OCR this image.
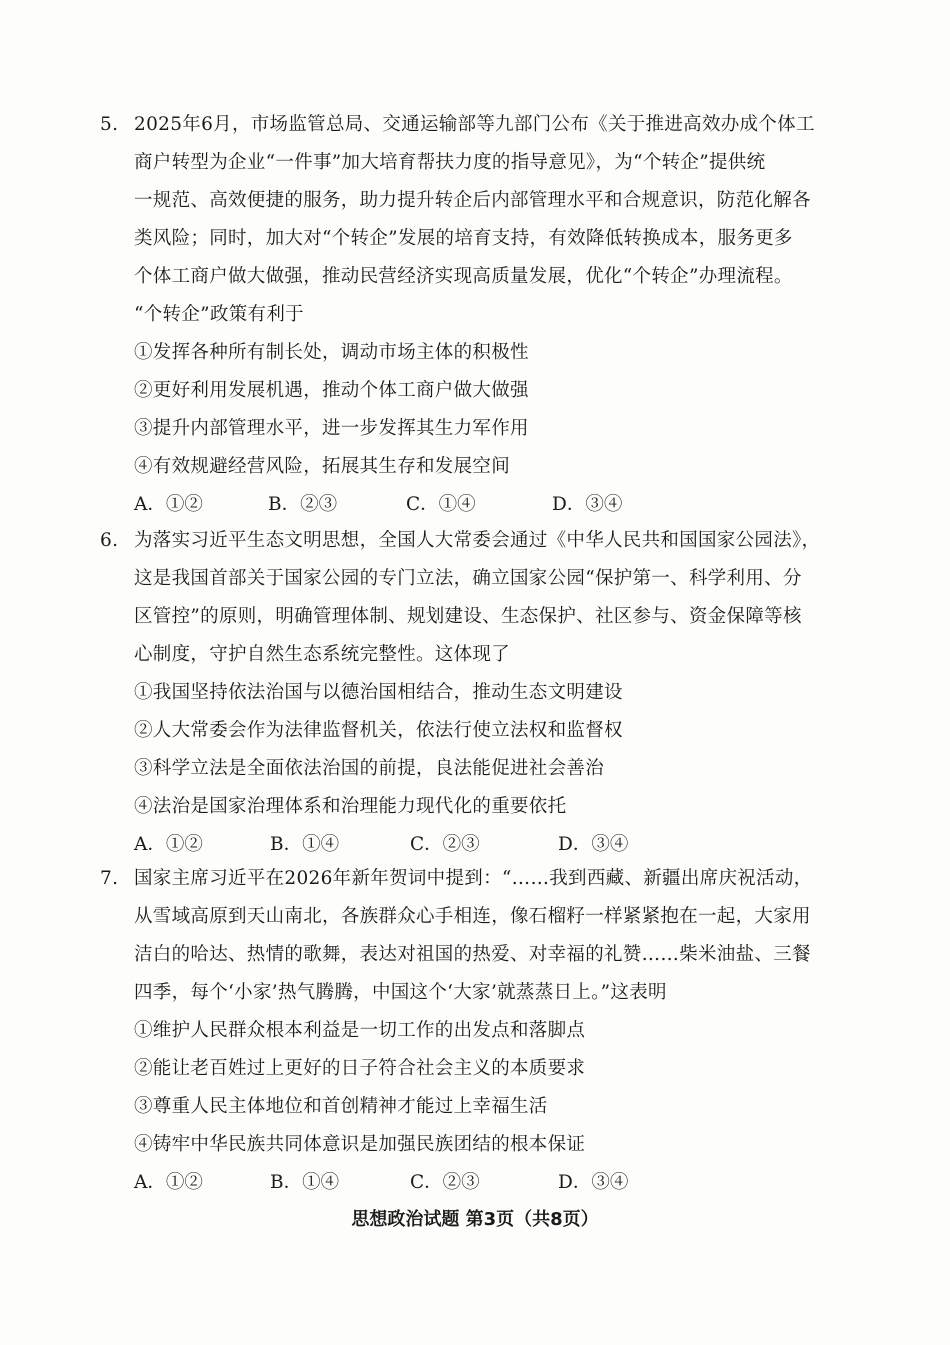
5. 2025年6月，市场监管总局、交通运输部等九部门公布《关于推进高效办成个体工
商户转型为企业“一件事”加大培育帮扶力度的指导意见》，为“个转企”提供统
一规范、高效便捷的服务，助力提升转企后内部管理水平和合规意识，防范化解各
类风险；同时，加大对“个转企”发展的培育支持，有效降低转换成本，服务更多
个体工商户做大做强，推动民营经济实现高质量发展，优化“个转企”办理流程。
“个转企”政策有利于
①发挥各种所有制长处，调动市场主体的积极性
②更好利用发展机遇，推动个体工商户做大做强
③提升内部管理水平，进一步发挥其生力军作用
④有效规避经营风险，拓展其生存和发展空间
A．①②	B．②③	C．①④	D．③④
6. 为落实习近平生态文明思想，全国人大常委会通过《中华人民共和国国家公园法》，
这是我国首部关于国家公园的专门立法，确立国家公园“保护第一、科学利用、分
区管控”的原则，明确管理体制、规划建设、生态保护、社区参与、资金保障等核
心制度，守护自然生态系统完整性。这体现了
①我国坚持依法治国与以德治国相结合，推动生态文明建设
②人大常委会作为法律监督机关，依法行使立法权和监督权
③科学立法是全面依法治国的前提，良法能促进社会善治
④法治是国家治理体系和治理能力现代化的重要依托
A．①②	B．①④	C．②③	D．③④
7. 国家主席习近平在2026年新年贺词中提到：“……我到西藏、新疆出席庆祝活动，
从雪域高原到天山南北，各族群众心手相连，像石榴籽一样紧紧抱在一起，大家用
洁白的哈达、热情的歌舞，表达对祖国的热爱、对幸福的礼赞……柴米油盐、三餐
四季，每个‘小家’热气腾腾，中国这个‘大家’就蒸蒸日上。”这表明
①维护人民群众根本利益是一切工作的出发点和落脚点
②能让老百姓过上更好的日子符合社会主义的本质要求
③尊重人民主体地位和首创精神才能过上幸福生活
④铸牢中华民族共同体意识是加强民族团结的根本保证
A．①②	B．①④	C．②③	D．③④
思想政治试题 第3页（共8页）
